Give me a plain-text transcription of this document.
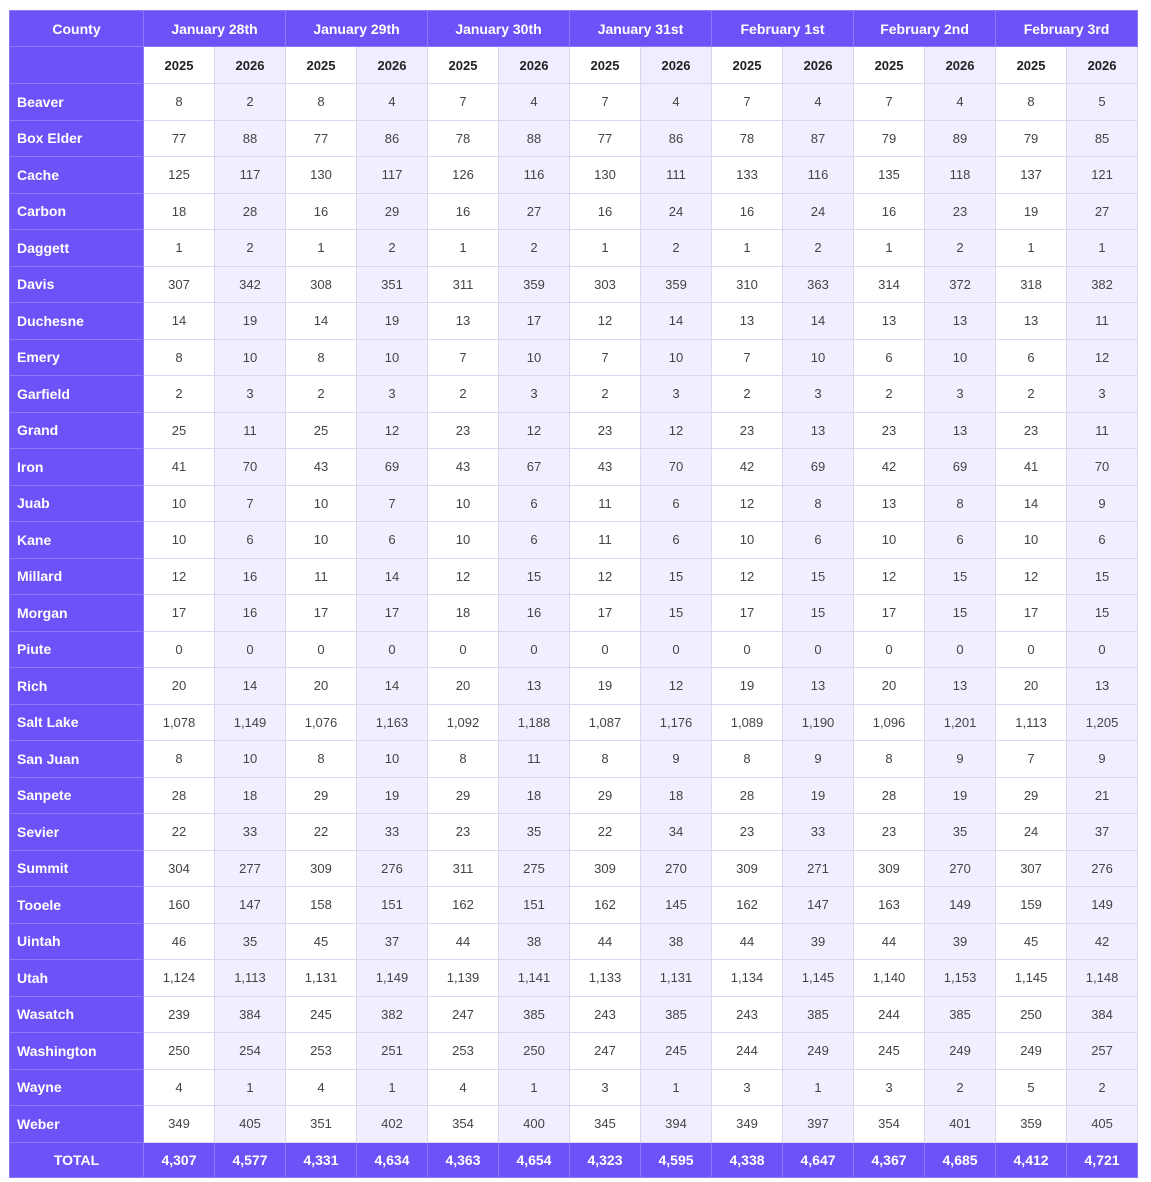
County	January 28th		January 29th		January 30th		January 31st		February 1st		February 2nd		February 3rd	
	2025	2026	2025	2026	2025	2026	2025	2026	2025	2026	2025	2026	2025	2026
Beaver	8	2	8	4	7	4	7	4	7	4	7	4	8	5
Box Elder	77	88	77	86	78	88	77	86	78	87	79	89	79	85
Cache	125	117	130	117	126	116	130	111	133	116	135	118	137	121
Carbon	18	28	16	29	16	27	16	24	16	24	16	23	19	27
Daggett	1	2	1	2	1	2	1	2	1	2	1	2	1	1
Davis	307	342	308	351	311	359	303	359	310	363	314	372	318	382
Duchesne	14	19	14	19	13	17	12	14	13	14	13	13	13	11
Emery	8	10	8	10	7	10	7	10	7	10	6	10	6	12
Garfield	2	3	2	3	2	3	2	3	2	3	2	3	2	3
Grand	25	11	25	12	23	12	23	12	23	13	23	13	23	11
Iron	41	70	43	69	43	67	43	70	42	69	42	69	41	70
Juab	10	7	10	7	10	6	11	6	12	8	13	8	14	9
Kane	10	6	10	6	10	6	11	6	10	6	10	6	10	6
Millard	12	16	11	14	12	15	12	15	12	15	12	15	12	15
Morgan	17	16	17	17	18	16	17	15	17	15	17	15	17	15
Piute	0	0	0	0	0	0	0	0	0	0	0	0	0	0
Rich	20	14	20	14	20	13	19	12	19	13	20	13	20	13
Salt Lake	1,078	1,149	1,076	1,163	1,092	1,188	1,087	1,176	1,089	1,190	1,096	1,201	1,113	1,205
San Juan	8	10	8	10	8	11	8	9	8	9	8	9	7	9
Sanpete	28	18	29	19	29	18	29	18	28	19	28	19	29	21
Sevier	22	33	22	33	23	35	22	34	23	33	23	35	24	37
Summit	304	277	309	276	311	275	309	270	309	271	309	270	307	276
Tooele	160	147	158	151	162	151	162	145	162	147	163	149	159	149
Uintah	46	35	45	37	44	38	44	38	44	39	44	39	45	42
Utah	1,124	1,113	1,131	1,149	1,139	1,141	1,133	1,131	1,134	1,145	1,140	1,153	1,145	1,148
Wasatch	239	384	245	382	247	385	243	385	243	385	244	385	250	384
Washington	250	254	253	251	253	250	247	245	244	249	245	249	249	257
Wayne	4	1	4	1	4	1	3	1	3	1	3	2	5	2
Weber	349	405	351	402	354	400	345	394	349	397	354	401	359	405
TOTAL	4,307	4,577	4,331	4,634	4,363	4,654	4,323	4,595	4,338	4,647	4,367	4,685	4,412	4,721
